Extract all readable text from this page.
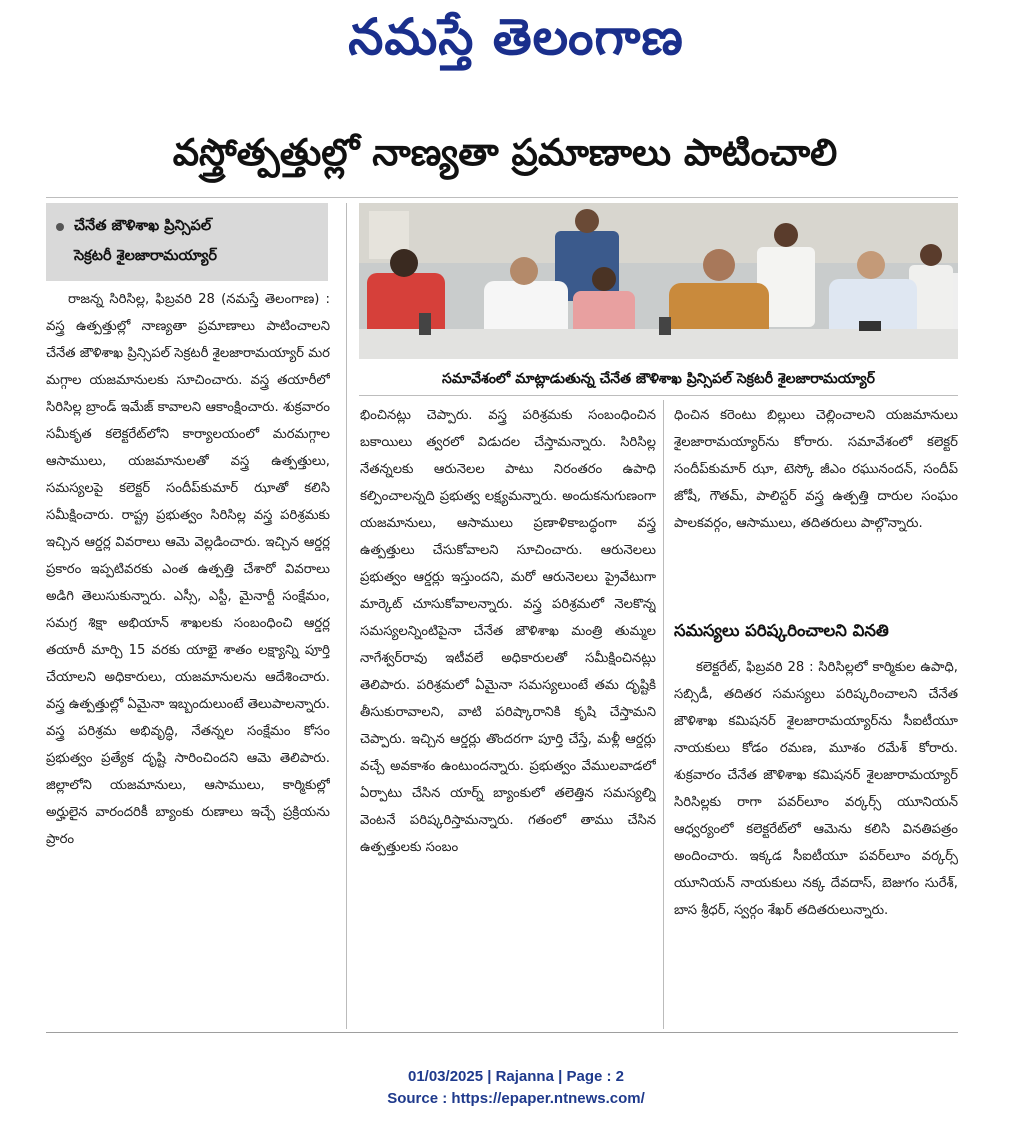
నమస్తే తెలంగాణ
వస్త్రోత్పత్తుల్లో నాణ్యతా ప్రమాణాలు పాటించాలి
చేనేత జౌళిశాఖ ప్రిన్సిపల్
సెక్రటరీ శైలజారామయ్యార్

రాజన్న సిరిసిల్ల, ఫిబ్రవరి 28 (నమస్తే తెలంగాణ) : వస్త్ర ఉత్పత్తుల్లో నాణ్యతా ప్రమాణాలు పాటించాలని చేనేత జౌళిశాఖ ప్రిన్సిపల్ సెక్రటరీ శైలజారామయ్యార్ మర మగ్గాల యజమానులకు సూచించారు. వస్త్ర తయారీలో సిరిసిల్ల బ్రాండ్ ఇమేజ్ కావాలని ఆకాంక్షించారు. శుక్రవారం సమీకృత కలెక్టరేట్‌లోని కార్యాలయంలో మరమగ్గాల ఆసాములు, యజమానులతో వస్త్ర ఉత్పత్తులు, సమస్యలపై కలెక్టర్ సందీప్‌కుమార్ ఝాతో కలిసి సమీక్షించారు. రాష్ట్ర ప్రభుత్వం సిరిసిల్ల వస్త్ర పరిశ్రమకు ఇచ్చిన ఆర్డర్ల వివరాలు ఆమె వెల్లడించారు. ఇచ్చిన ఆర్డర్ల ప్రకారం ఇప్పటివరకు ఎంత ఉత్పత్తి చేశారో వివరాలు అడిగి తెలుసుకున్నారు. ఎస్సీ, ఎస్టీ, మైనార్టీ సంక్షేమం, సమగ్ర శిక్షా అభియాన్ శాఖలకు సంబంధించి ఆర్డర్ల తయారీ మార్చి 15 వరకు యాభై శాతం లక్ష్యాన్ని పూర్తి చేయాలని అధికారులు, యజమానులను ఆదేశించారు. వస్త్ర ఉత్పత్తుల్లో ఏమైనా ఇబ్బందులుంటే తెలుపాలన్నారు. వస్త్ర పరిశ్రమ అభివృద్ధి, నేతన్నల సంక్షేమం కోసం ప్రభుత్వం ప్రత్యేక దృష్టి సారించిందని ఆమె తెలిపారు. జిల్లాలోని యజమానులు, ఆసాములు, కార్మికుల్లో అర్హులైన వారందరికీ బ్యాంకు రుణాలు ఇచ్చే ప్రక్రియను ప్రారం

సమావేశంలో మాట్లాడుతున్న చేనేత జౌళిశాఖ ప్రిన్సిపల్ సెక్రటరీ శైలజారామయ్యార్

భించినట్లు చెప్పారు. వస్త్ర పరిశ్రమకు సంబంధించిన బకాయిలు త్వరలో విడుదల చేస్తామన్నారు. సిరిసిల్ల నేతన్నలకు ఆరునెలల పాటు నిరంతరం ఉపాధి కల్పించాలన్నది ప్రభుత్వ లక్ష్యమన్నారు. అందుకనుగుణంగా యజమానులు, ఆసాములు ప్రణాళికాబద్ధంగా వస్త్ర ఉత్పత్తులు చేసుకోవాలని సూచించారు. ఆరునెలలు ప్రభుత్వం ఆర్డర్లు ఇస్తుందని, మరో ఆరునెలలు ప్రైవేటుగా మార్కెట్ చూసుకోవాలన్నారు. వస్త్ర పరిశ్రమలో నెలకొన్న సమస్యలన్నింటిపైనా చేనేత జౌళిశాఖ మంత్రి తుమ్మల నాగేశ్వర్‌రావు ఇటీవలే అధికారులతో సమీక్షించినట్లు తెలిపారు. పరిశ్రమలో ఏమైనా సమస్యలుంటే తమ దృష్టికి తీసుకురావాలని, వాటి పరిష్కారానికి కృషి చేస్తామని చెప్పారు. ఇచ్చిన ఆర్డర్లు తొందరగా పూర్తి చేస్తే, మళ్లీ ఆర్డర్లు వచ్చే అవకాశం ఉంటుందన్నారు. ప్రభుత్వం వేములవాడలో ఏర్పాటు చేసిన యార్న్ బ్యాంకులో తలెత్తిన సమస్యల్ని వెంటనే పరిష్కరిస్తామన్నారు. గతంలో తాము చేసిన ఉత్పత్తులకు సంబం

ధించిన కరెంటు బిల్లులు చెల్లించాలని యజమానులు శైలజారామయ్యార్‌ను కోరారు. సమావేశంలో కలెక్టర్ సందీప్‌కుమార్ ఝా, టెస్కో జీఎం రఘునందన్, సందీప్ జోషీ, గౌతమ్, పాలిస్టర్ వస్త్ర ఉత్పత్తి దారుల సంఘం పాలకవర్గం, ఆసాములు, తదితరులు పాల్గొన్నారు.

సమస్యలు పరిష్కరించాలని వినతి

కలెక్టరేట్, ఫిబ్రవరి 28 : సిరిసిల్లలో కార్మికుల ఉపాధి, సబ్సిడీ, తదితర సమస్యలు పరిష్కరించాలని చేనేత జౌళిశాఖ కమిషనర్ శైలజారామయ్యార్‌ను సీఐటీయూ నాయకులు కోడం రమణ, మూశం రమేశ్ కోరారు. శుక్రవారం చేనేత జౌళిశాఖ కమిషనర్ శైలజారామయ్యార్ సిరిసిల్లకు రాగా పవర్‌లూం వర్కర్స్ యూనియన్ ఆధ్వర్యంలో కలెక్టరేట్‌లో ఆమెను కలిసి వినతిపత్రం అందించారు. ఇక్కడ సీఐటీయూ పవర్‌లూం వర్కర్స్ యూనియన్ నాయకులు నక్క దేవదాస్, బెజుగం సురేశ్, బాస శ్రీధర్, స్వర్గం శేఖర్ తదితరులున్నారు.

01/03/2025 | Rajanna | Page : 2
Source : https://epaper.ntnews.com/
